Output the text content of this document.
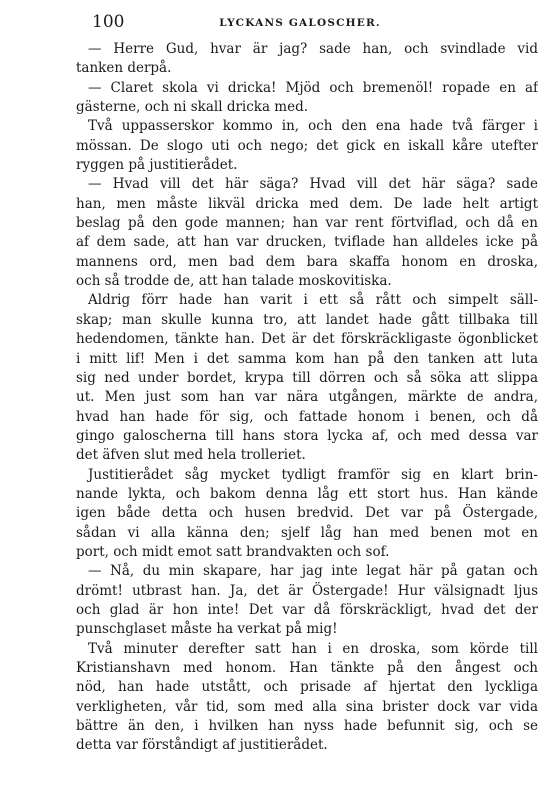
100	LYCKANS GALOSCHER.
— Herre Gud, hvar är jag? sade han, och svindlade vid
tanken derpå.
— Claret skola vi dricka! Mjöd och bremenöl! ropade en af
gästerne, och ni skall dricka med.
Två uppasserskor kommo in, och den ena hade två färger i
mössan. De slogo uti och nego; det gick en iskall kåre utefter
ryggen på justitierådet.
— Hvad vill det här säga? Hvad vill det här säga? sade
han, men måste likväl dricka med dem. De lade helt artigt
beslag på den gode mannen; han var rent förtviflad, och då en
af dem sade, att han var drucken, tviflade han alldeles icke på
mannens ord, men bad dem bara skaffa honom en droska,
och så trodde de, att han talade moskovitiska.
Aldrig förr hade han varit i ett så rått och simpelt säll-
skap; man skulle kunna tro, att landet hade gått tillbaka till
hedendomen, tänkte han. Det är det förskräckligaste ögonblicket
i mitt lif! Men i det samma kom han på den tanken att luta
sig ned under bordet, krypa till dörren och så söka att slippa
ut. Men just som han var nära utgången, märkte de andra,
hvad han hade för sig, och fattade honom i benen, och då
gingo galoscherna till hans stora lycka af, och med dessa var
det äfven slut med hela trolleriet.
Justitierådet såg mycket tydligt framför sig en klart brin-
nande lykta, och bakom denna låg ett stort hus. Han kände
igen både detta och husen bredvid. Det var på Östergade,
sådan vi alla känna den; sjelf låg han med benen mot en
port, och midt emot satt brandvakten och sof.
— Nå, du min skapare, har jag inte legat här på gatan och
drömt! utbrast han. Ja, det är Östergade! Hur välsignadt ljus
och glad är hon inte! Det var då förskräckligt, hvad det der
punschglaset måste ha verkat på mig!
Två minuter derefter satt han i en droska, som körde till
Kristianshavn med honom. Han tänkte på den ångest och
nöd, han hade utstått, och prisade af hjertat den lyckliga
verkligheten, vår tid, som med alla sina brister dock var vida
bättre än den, i hvilken han nyss hade befunnit sig, och se
detta var förståndigt af justitierådet.
